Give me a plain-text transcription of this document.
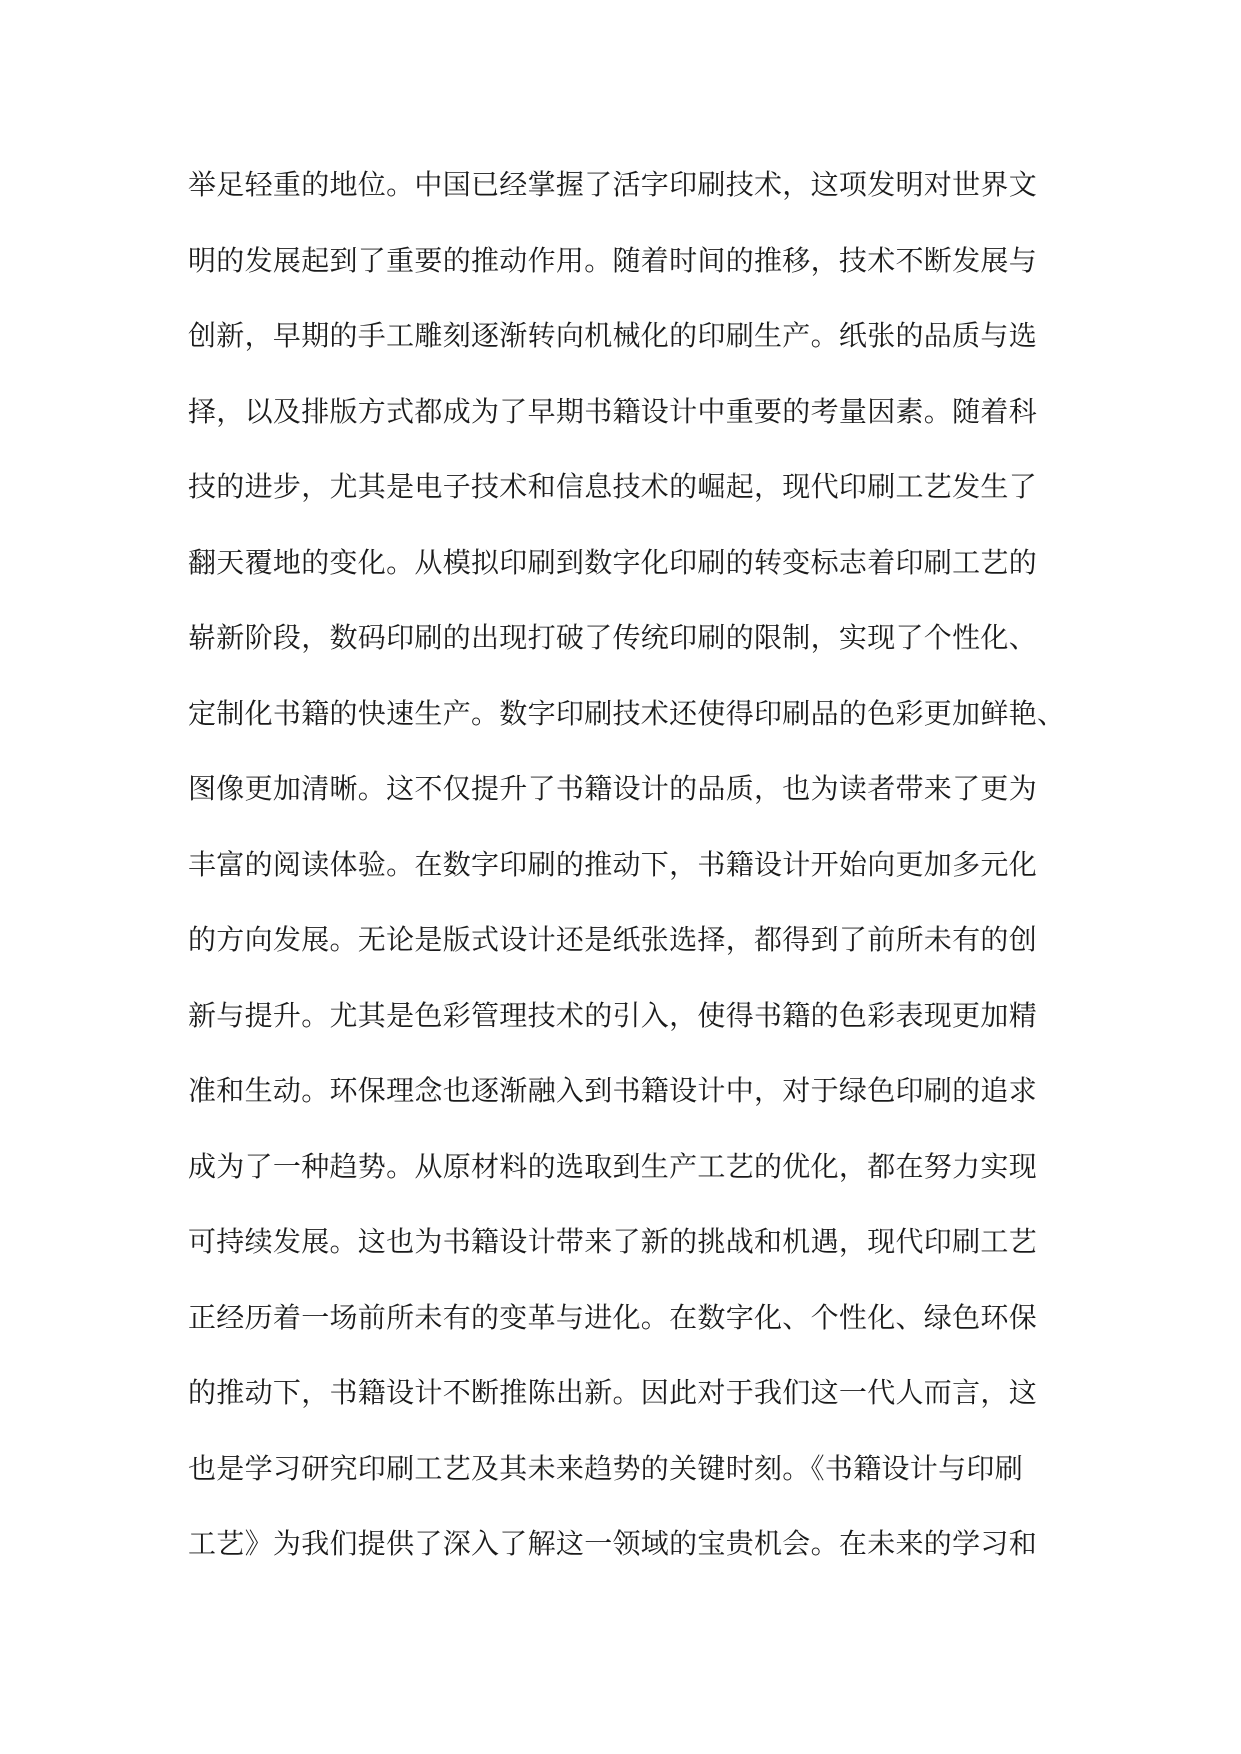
举足轻重的地位。中国已经掌握了活字印刷技术，这项发明对世界文
明的发展起到了重要的推动作用。随着时间的推移，技术不断发展与
创新，早期的手工雕刻逐渐转向机械化的印刷生产。纸张的品质与选
择，以及排版方式都成为了早期书籍设计中重要的考量因素。随着科
技的进步，尤其是电子技术和信息技术的崛起，现代印刷工艺发生了
翻天覆地的变化。从模拟印刷到数字化印刷的转变标志着印刷工艺的
崭新阶段，数码印刷的出现打破了传统印刷的限制，实现了个性化、
定制化书籍的快速生产。数字印刷技术还使得印刷品的色彩更加鲜艳、
图像更加清晰。这不仅提升了书籍设计的品质，也为读者带来了更为
丰富的阅读体验。在数字印刷的推动下，书籍设计开始向更加多元化
的方向发展。无论是版式设计还是纸张选择，都得到了前所未有的创
新与提升。尤其是色彩管理技术的引入，使得书籍的色彩表现更加精
准和生动。环保理念也逐渐融入到书籍设计中，对于绿色印刷的追求
成为了一种趋势。从原材料的选取到生产工艺的优化，都在努力实现
可持续发展。这也为书籍设计带来了新的挑战和机遇，现代印刷工艺
正经历着一场前所未有的变革与进化。在数字化、个性化、绿色环保
的推动下，书籍设计不断推陈出新。因此对于我们这一代人而言，这
也是学习研究印刷工艺及其未来趋势的关键时刻。《书籍设计与印刷
工艺》为我们提供了深入了解这一领域的宝贵机会。在未来的学习和
